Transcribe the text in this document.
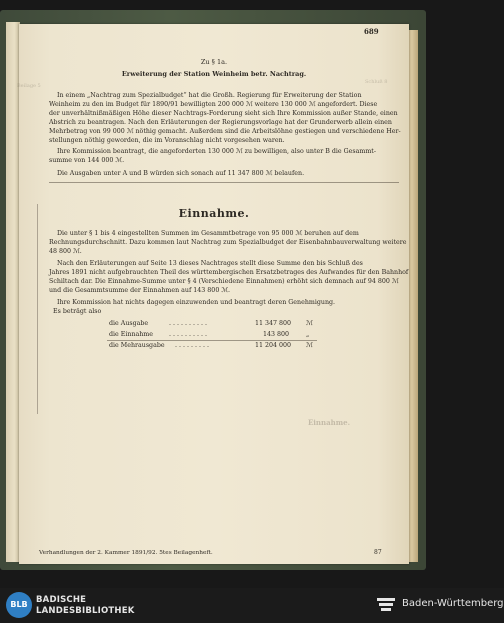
Schluß 8
Beilage 5
Einnahme.
689
Zu § 1a.
Erweiterung der Station Weinheim betr. Nachtrag.
In einem „Nachtrag zum Spezialbudget“ hat die Großh. Regierung für Erweiterung der Station
Weinheim zu den im Budget für 1890/91 bewilligten 200 000 ℳ weitere 130 000 ℳ angefordert. Diese
der unverhältnißmäßigen Höhe dieser Nachtrags-Forderung sieht sich Ihre Kommission außer Stande, einen
Abstrich zu beantragen. Nach den Erläuterungen der Regierungsvorlage hat der Grunderwerb allein einen
Mehrbetrag von 99 000 ℳ nöthig gemacht. Außerdem sind die Arbeitslöhne gestiegen und verschiedene Her-
stellungen nöthig geworden, die im Voranschlag nicht vorgesehen waren.
Ihre Kommission beantragt, die angeforderten 130 000 ℳ zu bewilligen, also unter B die Gesammt-
summe von 144 000 ℳ.
Die Ausgaben unter A und B würden sich sonach auf 11 347 800 ℳ belaufen.
Einnahme.
Die unter § 1 bis 4 eingestellten Summen im Gesammtbetrage von 95 000 ℳ beruhen auf dem
Rechnungsdurchschnitt. Dazu kommen laut Nachtrag zum Spezialbudget der Eisenbahnbauverwaltung weitere
48 800 ℳ.
Nach den Erläuterungen auf Seite 13 dieses Nachtrages stellt diese Summe den bis Schluß des
Jahres 1891 nicht aufgebrauchten Theil des württembergischen Ersatzbetrages des Aufwandes für den Bahnhof
Schiltach dar. Die Einnahme-Summe unter § 4 (Verschiedene Einnahmen) erhöht sich demnach auf 94 800 ℳ
und die Gesammtsumme der Einnahmen auf 143 800 ℳ.
Ihre Kommission hat nichts dagegen einzuwenden und beantragt deren Genehmigung.
Es beträgt also
die Ausgabe	. . . . . . . . . .	11 347 800 ℳ
die Einnahme	. . . . . . . . . .	143 800	„
die Mehrausgabe . . . . . . . . .	11 204 000 ℳ
Verhandlungen der 2. Kammer 1891/92. 5tes Beilagenheft.	87
BLB BADISCHE
LANDESBIBLIOTHEK
Baden-Württemberg
